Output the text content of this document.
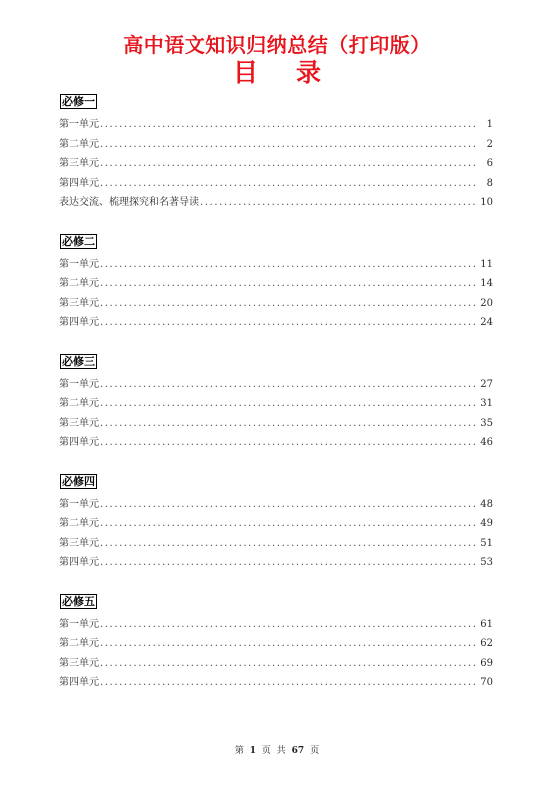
高中语文知识归纳总结（打印版）
目录
必修一
第一单元 .....	1
第二单元 .....	2
第三单元 .....	6
第四单元 .....	8
表达交流、梳理探究和名著导读 .....	10
必修二
第一单元 .....	11
第二单元 .....	14
第三单元 .....	20
第四单元 .....	24
必修三
第一单元 .....	27
第二单元 .....	31
第三单元 .....	35
第四单元 .....	46
必修四
第一单元 .....	48
第二单元 .....	49
第三单元 .....	51
第四单元 .....	53
必修五
第一单元 .....	61
第二单元 .....	62
第三单元 .....	69
第四单元 .....	70
第 1 页 共 67 页
